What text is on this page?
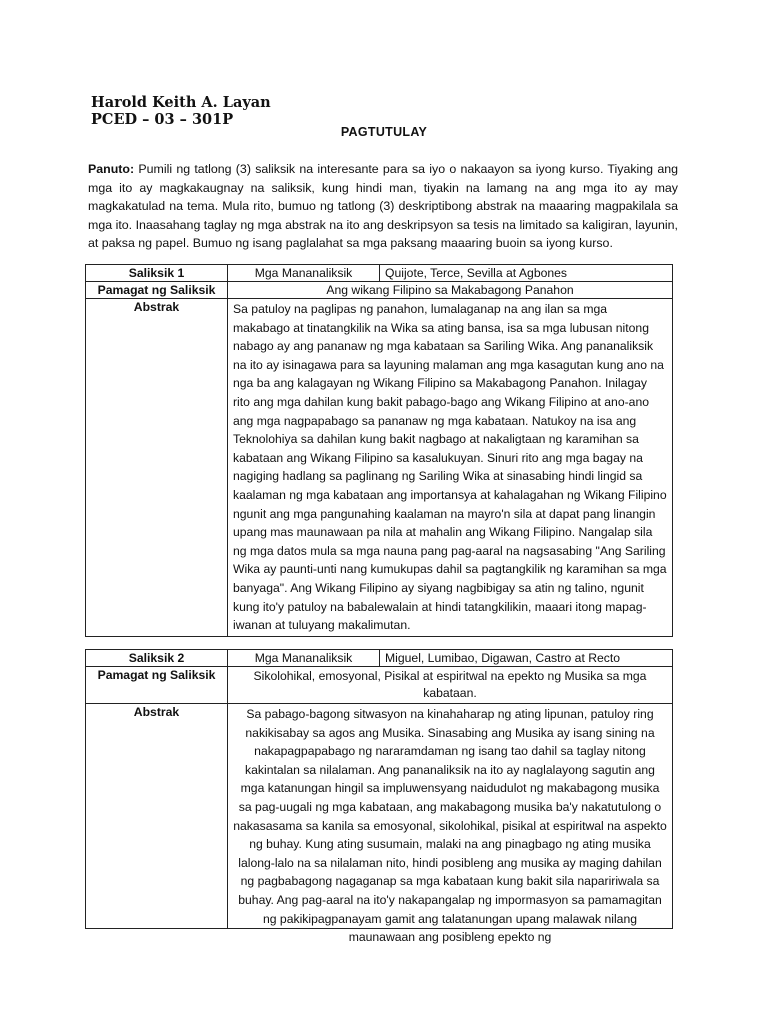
Harold Keith A. Layan
PCED – 03 – 301P
PAGTUTULAY
Panuto: Pumili ng tatlong (3) saliksik na interesante para sa iyo o nakaayon sa iyong kurso. Tiyaking ang mga ito ay magkakaugnay na saliksik, kung hindi man, tiyakin na lamang na ang mga ito ay may magkakatulad na tema. Mula rito, bumuo ng tatlong (3) deskriptibong abstrak na maaaring magpakilala sa mga ito. Inaasahang taglay ng mga abstrak na ito ang deskripsyon sa tesis na limitado sa kaligiran, layunin, at paksa ng papel. Bumuo ng isang paglalahat sa mga paksang maaaring buoin sa iyong kurso.
Saliksik 1	Mga Mananaliksik	Quijote, Terce, Sevilla at Agbones
Pamagat ng Saliksik	Ang wikang Filipino sa Makabagong Panahon	
Abstrak	Sa patuloy na paglipas ng panahon, lumalaganap na ang ilan sa mga makabago at tinatangkilik na Wika sa ating bansa, isa sa mga lubusan nitong nabago ay ang pananaw ng mga kabataan sa Sariling Wika. Ang pananaliksik na ito ay isinagawa para sa layuning malaman ang mga kasagutan kung ano na nga ba ang kalagayan ng Wikang Filipino sa Makabagong Panahon. Inilagay rito ang mga dahilan kung bakit pabago-bago ang Wikang Filipino at ano-ano ang mga nagpapabago sa pananaw ng mga kabataan. Natukoy na isa ang Teknolohiya sa dahilan kung bakit nagbago at nakaligtaan ng karamihan sa kabataan ang Wikang Filipino sa kasalukuyan. Sinuri rito ang mga bagay na nagiging hadlang sa paglinang ng Sariling Wika at sinasabing hindi lingid sa kaalaman ng mga kabataan ang importansya at kahalagahan ng Wikang Filipino ngunit ang mga pangunahing kaalaman na mayro'n sila at dapat pang linangin upang mas maunawaan pa nila at mahalin ang Wikang Filipino. Nangalap sila ng mga datos mula sa mga nauna pang pag-aaral na nagsasabing "Ang Sariling Wika ay paunti-unti nang kumukupas dahil sa pagtangkilik ng karamihan sa mga banyaga". Ang Wikang Filipino ay siyang nagbibigay sa atin ng talino, ngunit kung ito'y patuloy na babalewalain at hindi tatangkilikin, maaari itong mapag-iwanan at tuluyang makalimutan.	
Saliksik 2	Mga Mananaliksik	Miguel, Lumibao, Digawan, Castro at Recto
Pamagat ng Saliksik	Sikolohikal, emosyonal, Pisikal at espiritwal na epekto ng Musika sa mga kabataan.	
Abstrak	Sa pabago-bagong sitwasyon na kinahaharap ng ating lipunan, patuloy ring nakikisabay sa agos ang Musika. Sinasabing ang Musika ay isang sining na nakapagpapabago ng nararamdaman ng isang tao dahil sa taglay nitong kakintalan sa nilalaman. Ang pananaliksik na ito ay naglalayong sagutin ang mga katanungan hingil sa impluwensyang naidudulot ng makabagong musika sa pag-uugali ng mga kabataan, ang makabagong musika ba'y nakatutulong o nakasasama sa kanila sa emosyonal, sikolohikal, pisikal at espiritwal na aspekto ng buhay. Kung ating susumain, malaki na ang pinagbago ng ating musika lalong-lalo na sa nilalaman nito, hindi posibleng ang musika ay maging dahilan ng pagbabagong nagaganap sa mga kabataan kung bakit sila napaririwala sa buhay. Ang pag-aaral na ito'y nakapangalap ng impormasyon sa pamamagitan ng pakikipagpanayam gamit ang talatanungan upang malawak nilang maunawaan ang posibleng epekto ng	
